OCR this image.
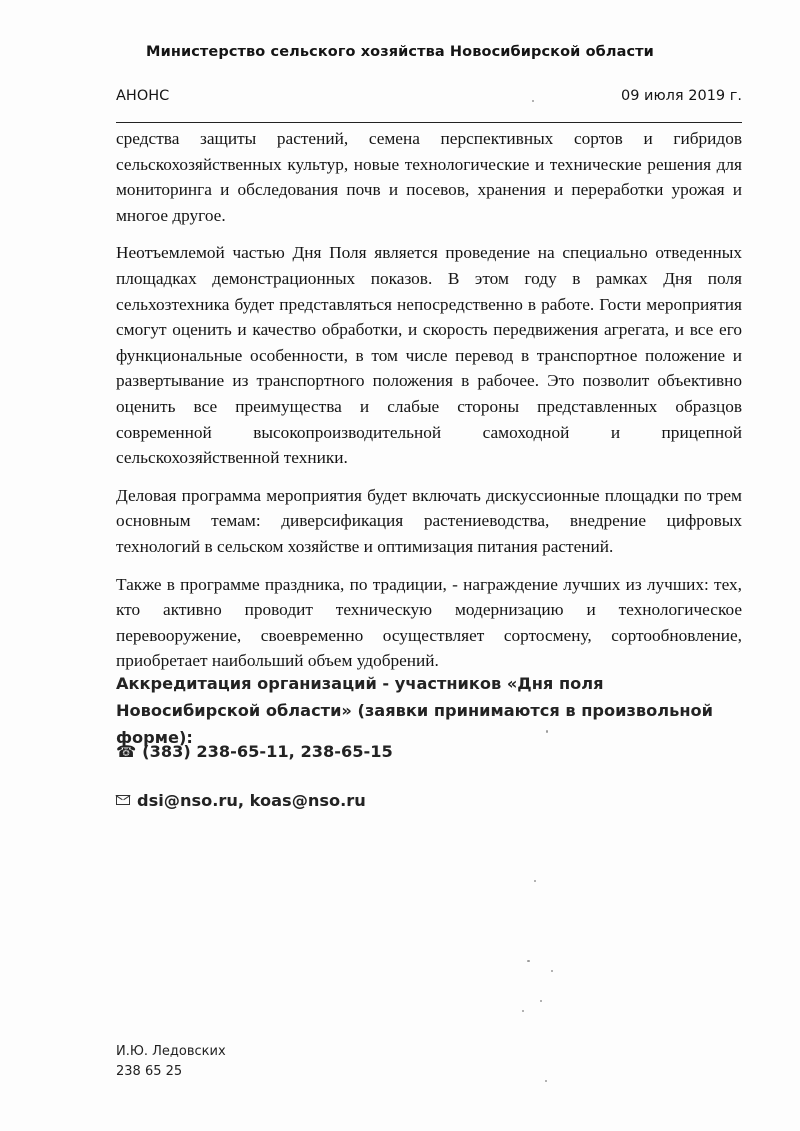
Министерство сельского хозяйства Новосибирской области
АНОНС	09 июля 2019 г.

средства защиты растений, семена перспективных сортов и гибридов сельскохозяйственных культур, новые технологические и технические решения для мониторинга и обследования почв и посевов, хранения и переработки урожая и многое другое.

Неотъемлемой частью Дня Поля является проведение на специально отведенных площадках демонстрационных показов. В этом году в рамках Дня поля сельхозтехника будет представляться непосредственно в работе. Гости мероприятия смогут оценить и качество обработки, и скорость передвижения агрегата, и все его функциональные особенности, в том числе перевод в транспортное положение и развертывание из транспортного положения в рабочее. Это позволит объективно оценить все преимущества и слабые стороны представленных образцов современной высокопроизводительной самоходной и прицепной сельскохозяйственной техники.

Деловая программа мероприятия будет включать дискуссионные площадки по трем основным темам: диверсификация растениеводства, внедрение цифровых технологий в сельском хозяйстве и оптимизация питания растений.

Также в программе праздника, по традиции, - награждение лучших из лучших: тех, кто активно проводит техническую модернизацию и технологическое перевооружение, своевременно осуществляет сортосмену, сортообновление, приобретает наибольший объем удобрений.

Аккредитация организаций - участников «Дня поля Новосибирской области» (заявки принимаются в произвольной форме):
☎ (383) 238-65-11, 238-65-15
dsi@nso.ru, koas@nso.ru
И.Ю. Ледовских
238 65 25
